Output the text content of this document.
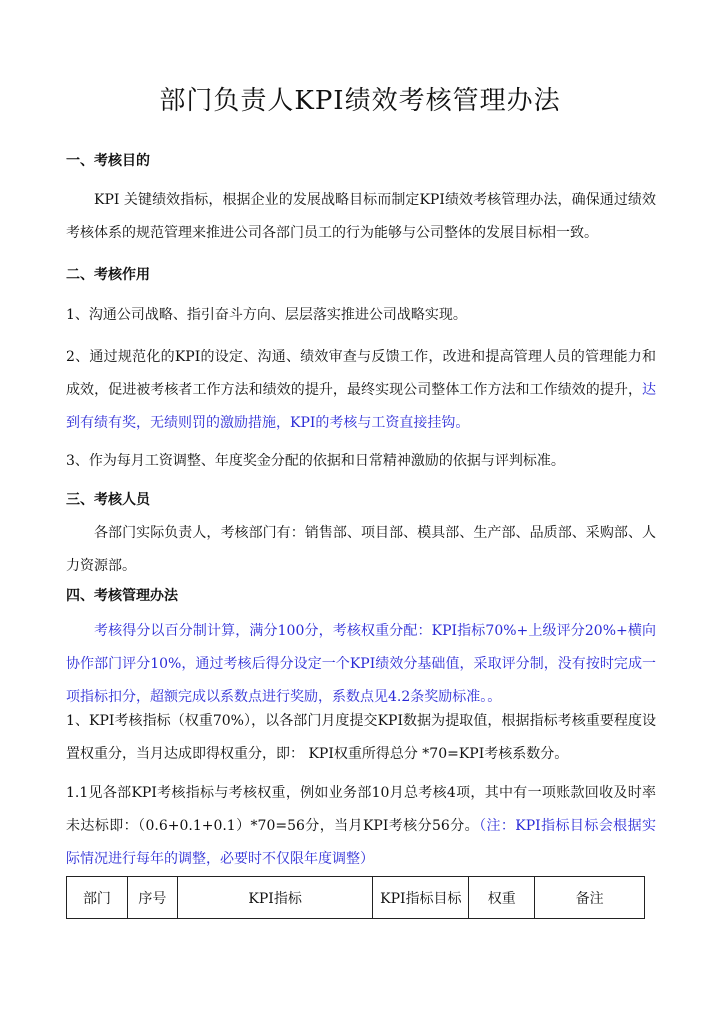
部门负责人KPI绩效考核管理办法
一、考核目的
KPI 关键绩效指标，根据企业的发展战略目标而制定KPI绩效考核管理办法，确保通过绩效考核体系的规范管理来推进公司各部门员工的行为能够与公司整体的发展目标相一致。
二、考核作用
1、沟通公司战略、指引奋斗方向、层层落实推进公司战略实现。
2、通过规范化的KPI的设定、沟通、绩效审查与反馈工作，改进和提高管理人员的管理能力和成效，促进被考核者工作方法和绩效的提升，最终实现公司整体工作方法和工作绩效的提升，达到有绩有奖，无绩则罚的激励措施，KPI的考核与工资直接挂钩。
3、作为每月工资调整、年度奖金分配的依据和日常精神激励的依据与评判标准。
三、考核人员
各部门实际负责人，考核部门有：销售部、项目部、模具部、生产部、品质部、采购部、人力资源部。
四、考核管理办法
考核得分以百分制计算，满分100分，考核权重分配：KPI指标70%+上级评分20%+横向协作部门评分10%，通过考核后得分设定一个KPI绩效分基础值，采取评分制，没有按时完成一项指标扣分，超额完成以系数点进行奖励，系数点见4.2条奖励标准。。
1、KPI考核指标（权重70%），以各部门月度提交KPI数据为提取值，根据指标考核重要程度设置权重分，当月达成即得权重分，即： KPI权重所得总分 *70=KPI考核系数分。
1.1见各部KPI考核指标与考核权重，例如业务部10月总考核4项，其中有一项账款回收及时率未达标即：（0.6+0.1+0.1）*70=56分，当月KPI考核分56分。（注：KPI指标目标会根据实际情况进行每年的调整，必要时不仅限年度调整）
部门	序号	KPI指标	KPI指标目标	权重	备注
